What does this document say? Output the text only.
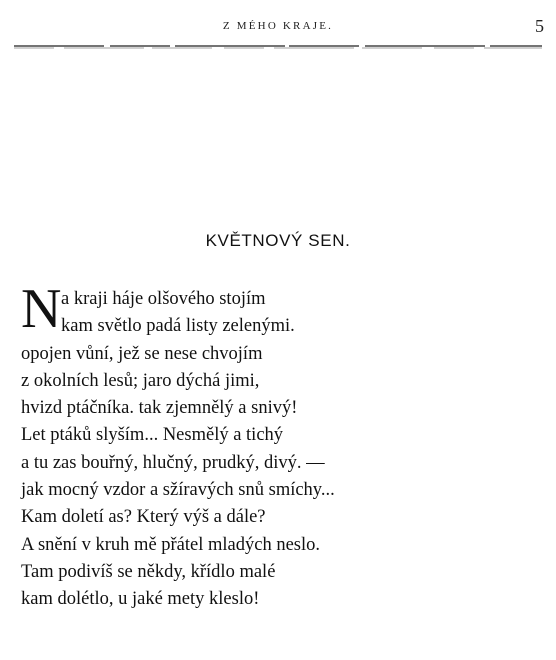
Z MÉHO KRAJE.	5
KVĚTNOVÝ SEN.
N a kraji háje olšového stojím
kam světlo padá listy zelenými.
opojen vůní, jež se nese chvojím
z okolních lesů; jaro dýchá jimi,
hvizd ptáčníka. tak zjemnělý a snivý!
Let ptáků slyším... Nesmělý a tichý
a tu zas bouřný, hlučný, prudký, divý. —
jak mocný vzdor a sžíravých snů smíchy...
Kam doletí as? Který výš a dále?
A snění v kruh mě přátel mladých neslo.
Tam podivíš se někdy, křídlo malé
kam dolétlo, u jaké mety kleslo!
